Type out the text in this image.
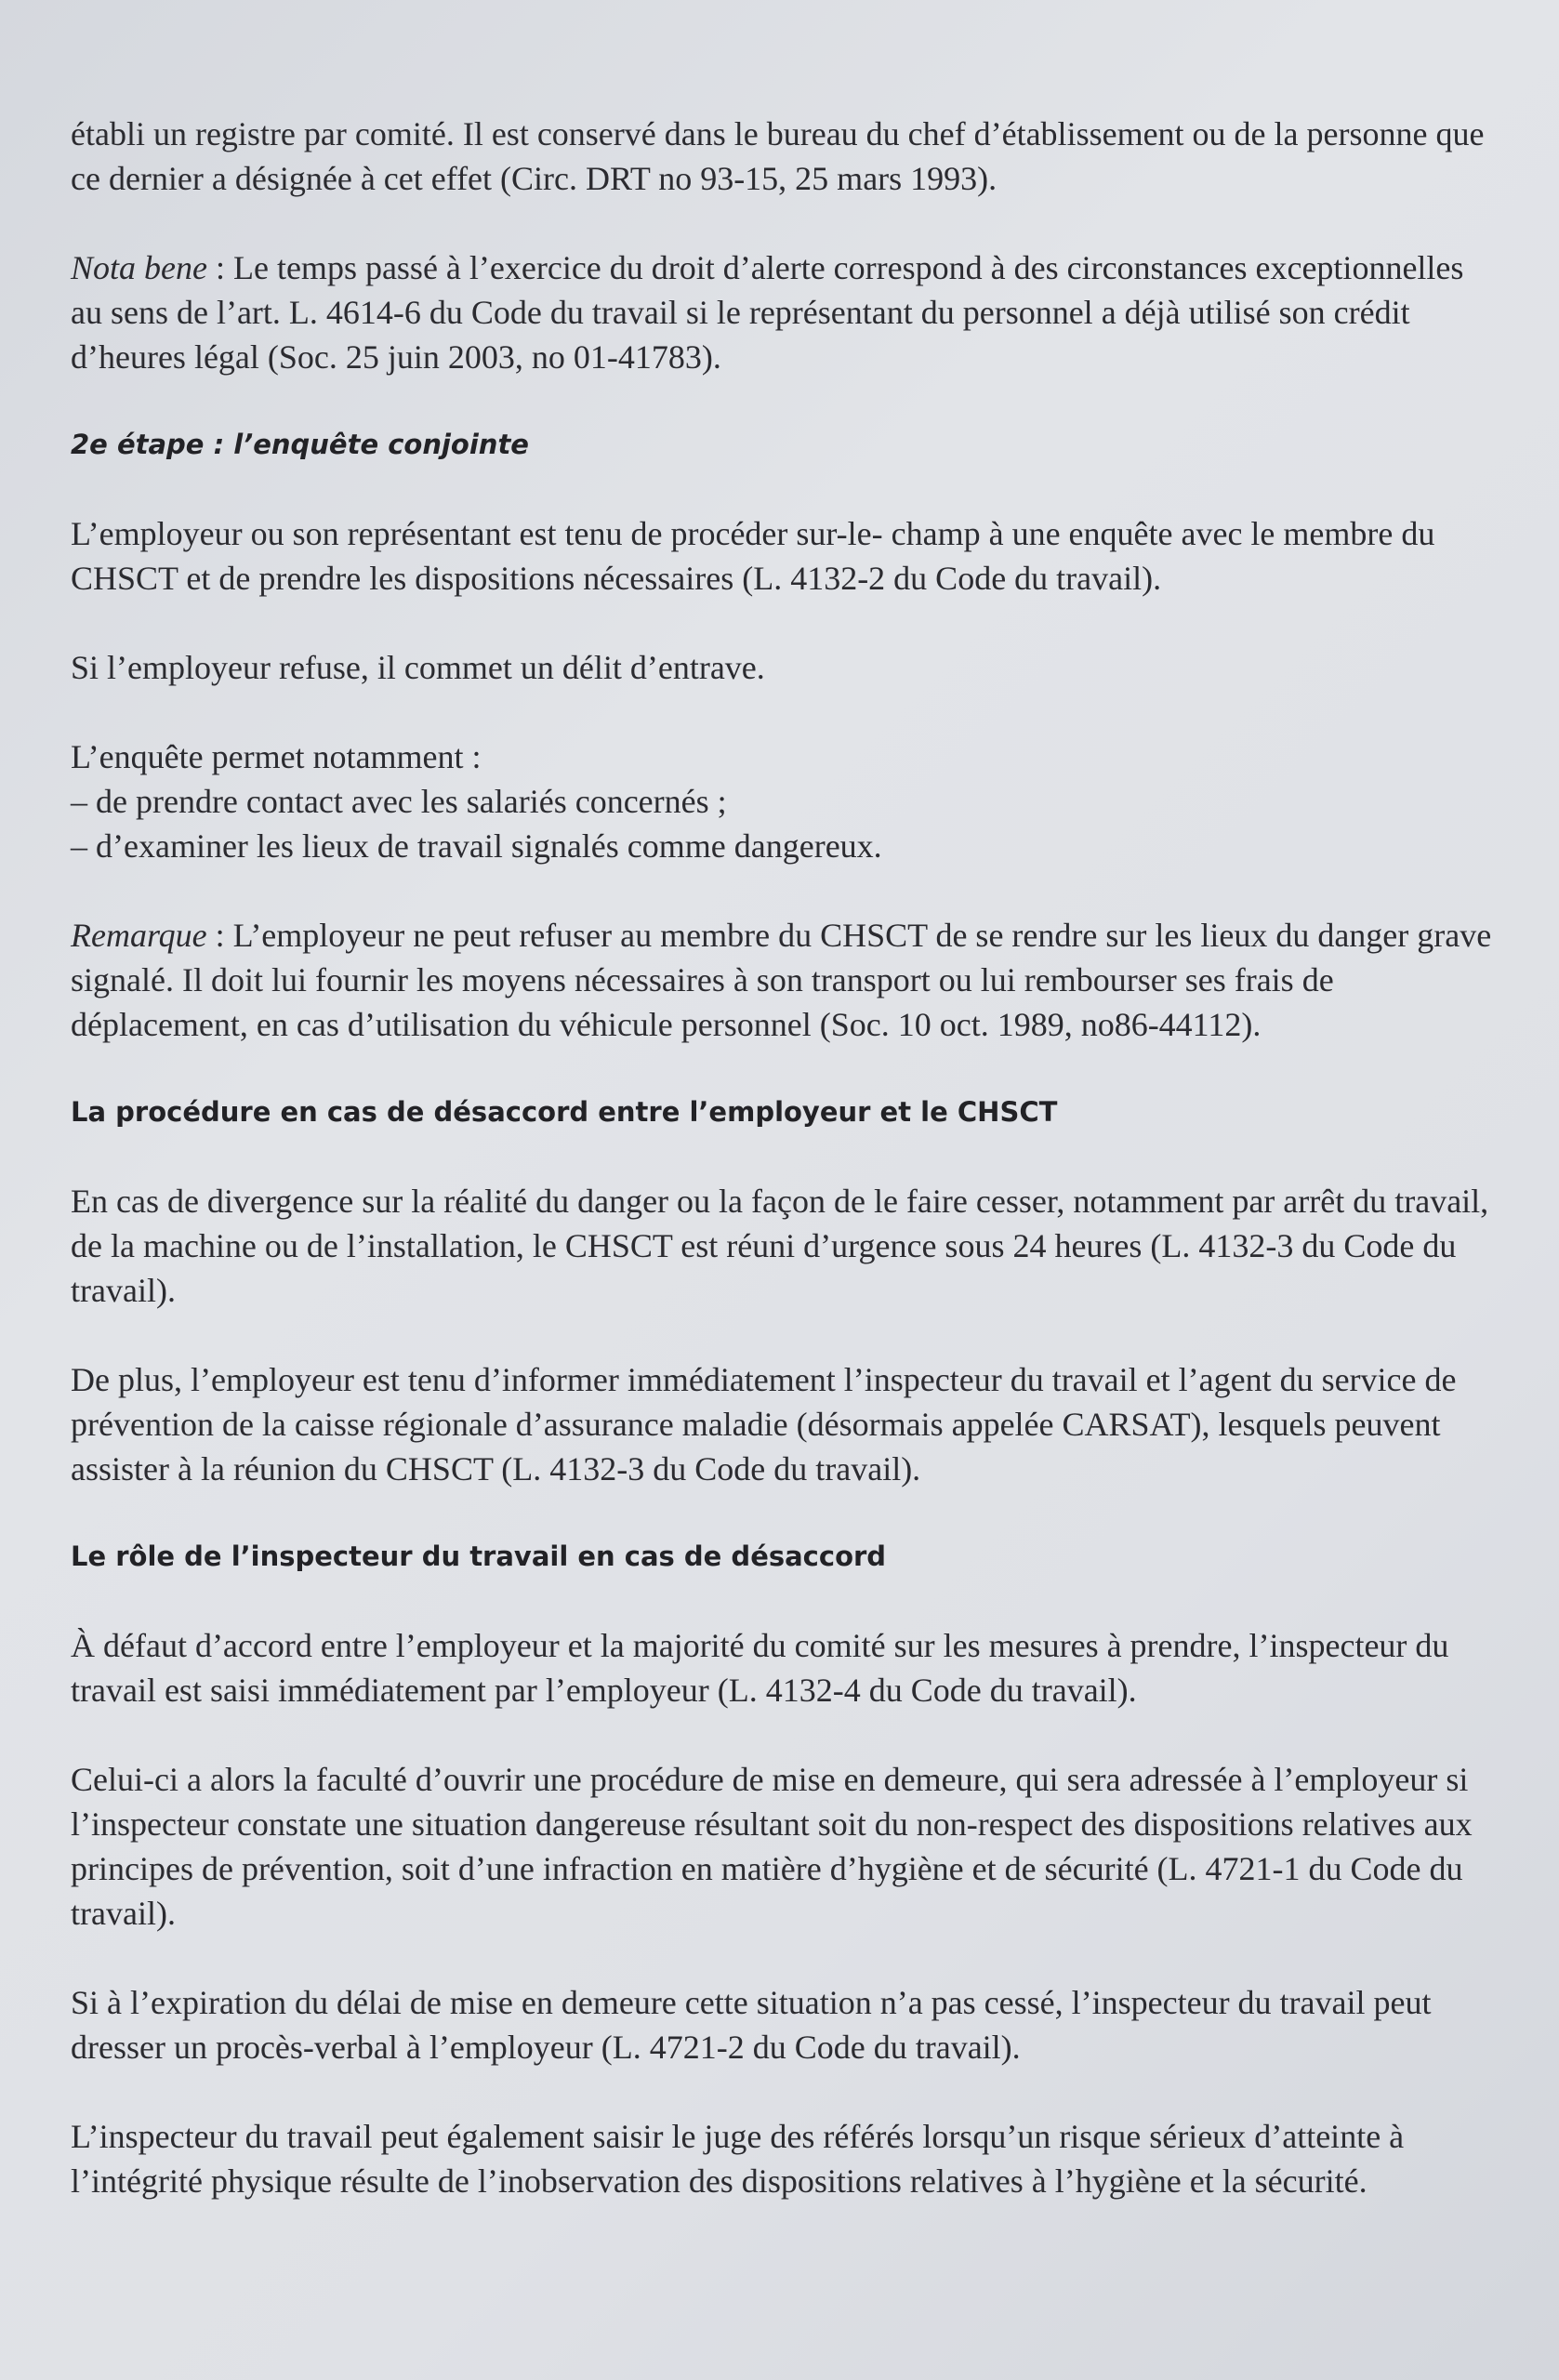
établi un registre par comité. Il est conservé dans le bureau du chef d’établissement ou de la personne que ce dernier a désignée à cet effet (Circ. DRT no 93-15, 25 mars 1993).

Nota bene : Le temps passé à l’exercice du droit d’alerte correspond à des circonstances exceptionnelles au sens de l’art. L. 4614-6 du Code du travail si le représentant du personnel a déjà utilisé son crédit d’heures légal (Soc. 25 juin 2003, no 01-41783).

2e étape : l’enquête conjointe

L’employeur ou son représentant est tenu de procéder sur-le- champ à une enquête avec le membre du CHSCT et de prendre les dispositions nécessaires (L. 4132-2 du Code du travail).

Si l’employeur refuse, il commet un délit d’entrave.

L’enquête permet notamment :
– de prendre contact avec les salariés concernés ;
– d’examiner les lieux de travail signalés comme dangereux.

Remarque : L’employeur ne peut refuser au membre du CHSCT de se rendre sur les lieux du danger grave signalé. Il doit lui fournir les moyens nécessaires à son transport ou lui rembourser ses frais de déplacement, en cas d’utilisation du véhicule personnel (Soc. 10 oct. 1989, no86-44112).

La procédure en cas de désaccord entre l’employeur et le CHSCT

En cas de divergence sur la réalité du danger ou la façon de le faire cesser, notamment par arrêt du travail, de la machine ou de l’installation, le CHSCT est réuni d’urgence sous 24 heures (L. 4132-3 du Code du travail).

De plus, l’employeur est tenu d’informer immédiatement l’inspecteur du travail et l’agent du service de prévention de la caisse régionale d’assurance maladie (désormais appelée CARSAT), lesquels peuvent assister à la réunion du CHSCT (L. 4132-3 du Code du travail).

Le rôle de l’inspecteur du travail en cas de désaccord

À défaut d’accord entre l’employeur et la majorité du comité sur les mesures à prendre, l’inspecteur du travail est saisi immédiatement par l’employeur (L. 4132-4 du Code du travail).

Celui-ci a alors la faculté d’ouvrir une procédure de mise en demeure, qui sera adressée à l’employeur si l’inspecteur constate une situation dangereuse résultant soit du non-respect des dispositions relatives aux principes de prévention, soit d’une infraction en matière d’hygiène et de sécurité (L. 4721-1 du Code du travail).

Si à l’expiration du délai de mise en demeure cette situation n’a pas cessé, l’inspecteur du travail peut dresser un procès-verbal à l’employeur (L. 4721-2 du Code du travail).

L’inspecteur du travail peut également saisir le juge des référés lorsqu’un risque sérieux d’atteinte à l’intégrité physique résulte de l’inobservation des dispositions relatives à l’hygiène et la sécurité.
